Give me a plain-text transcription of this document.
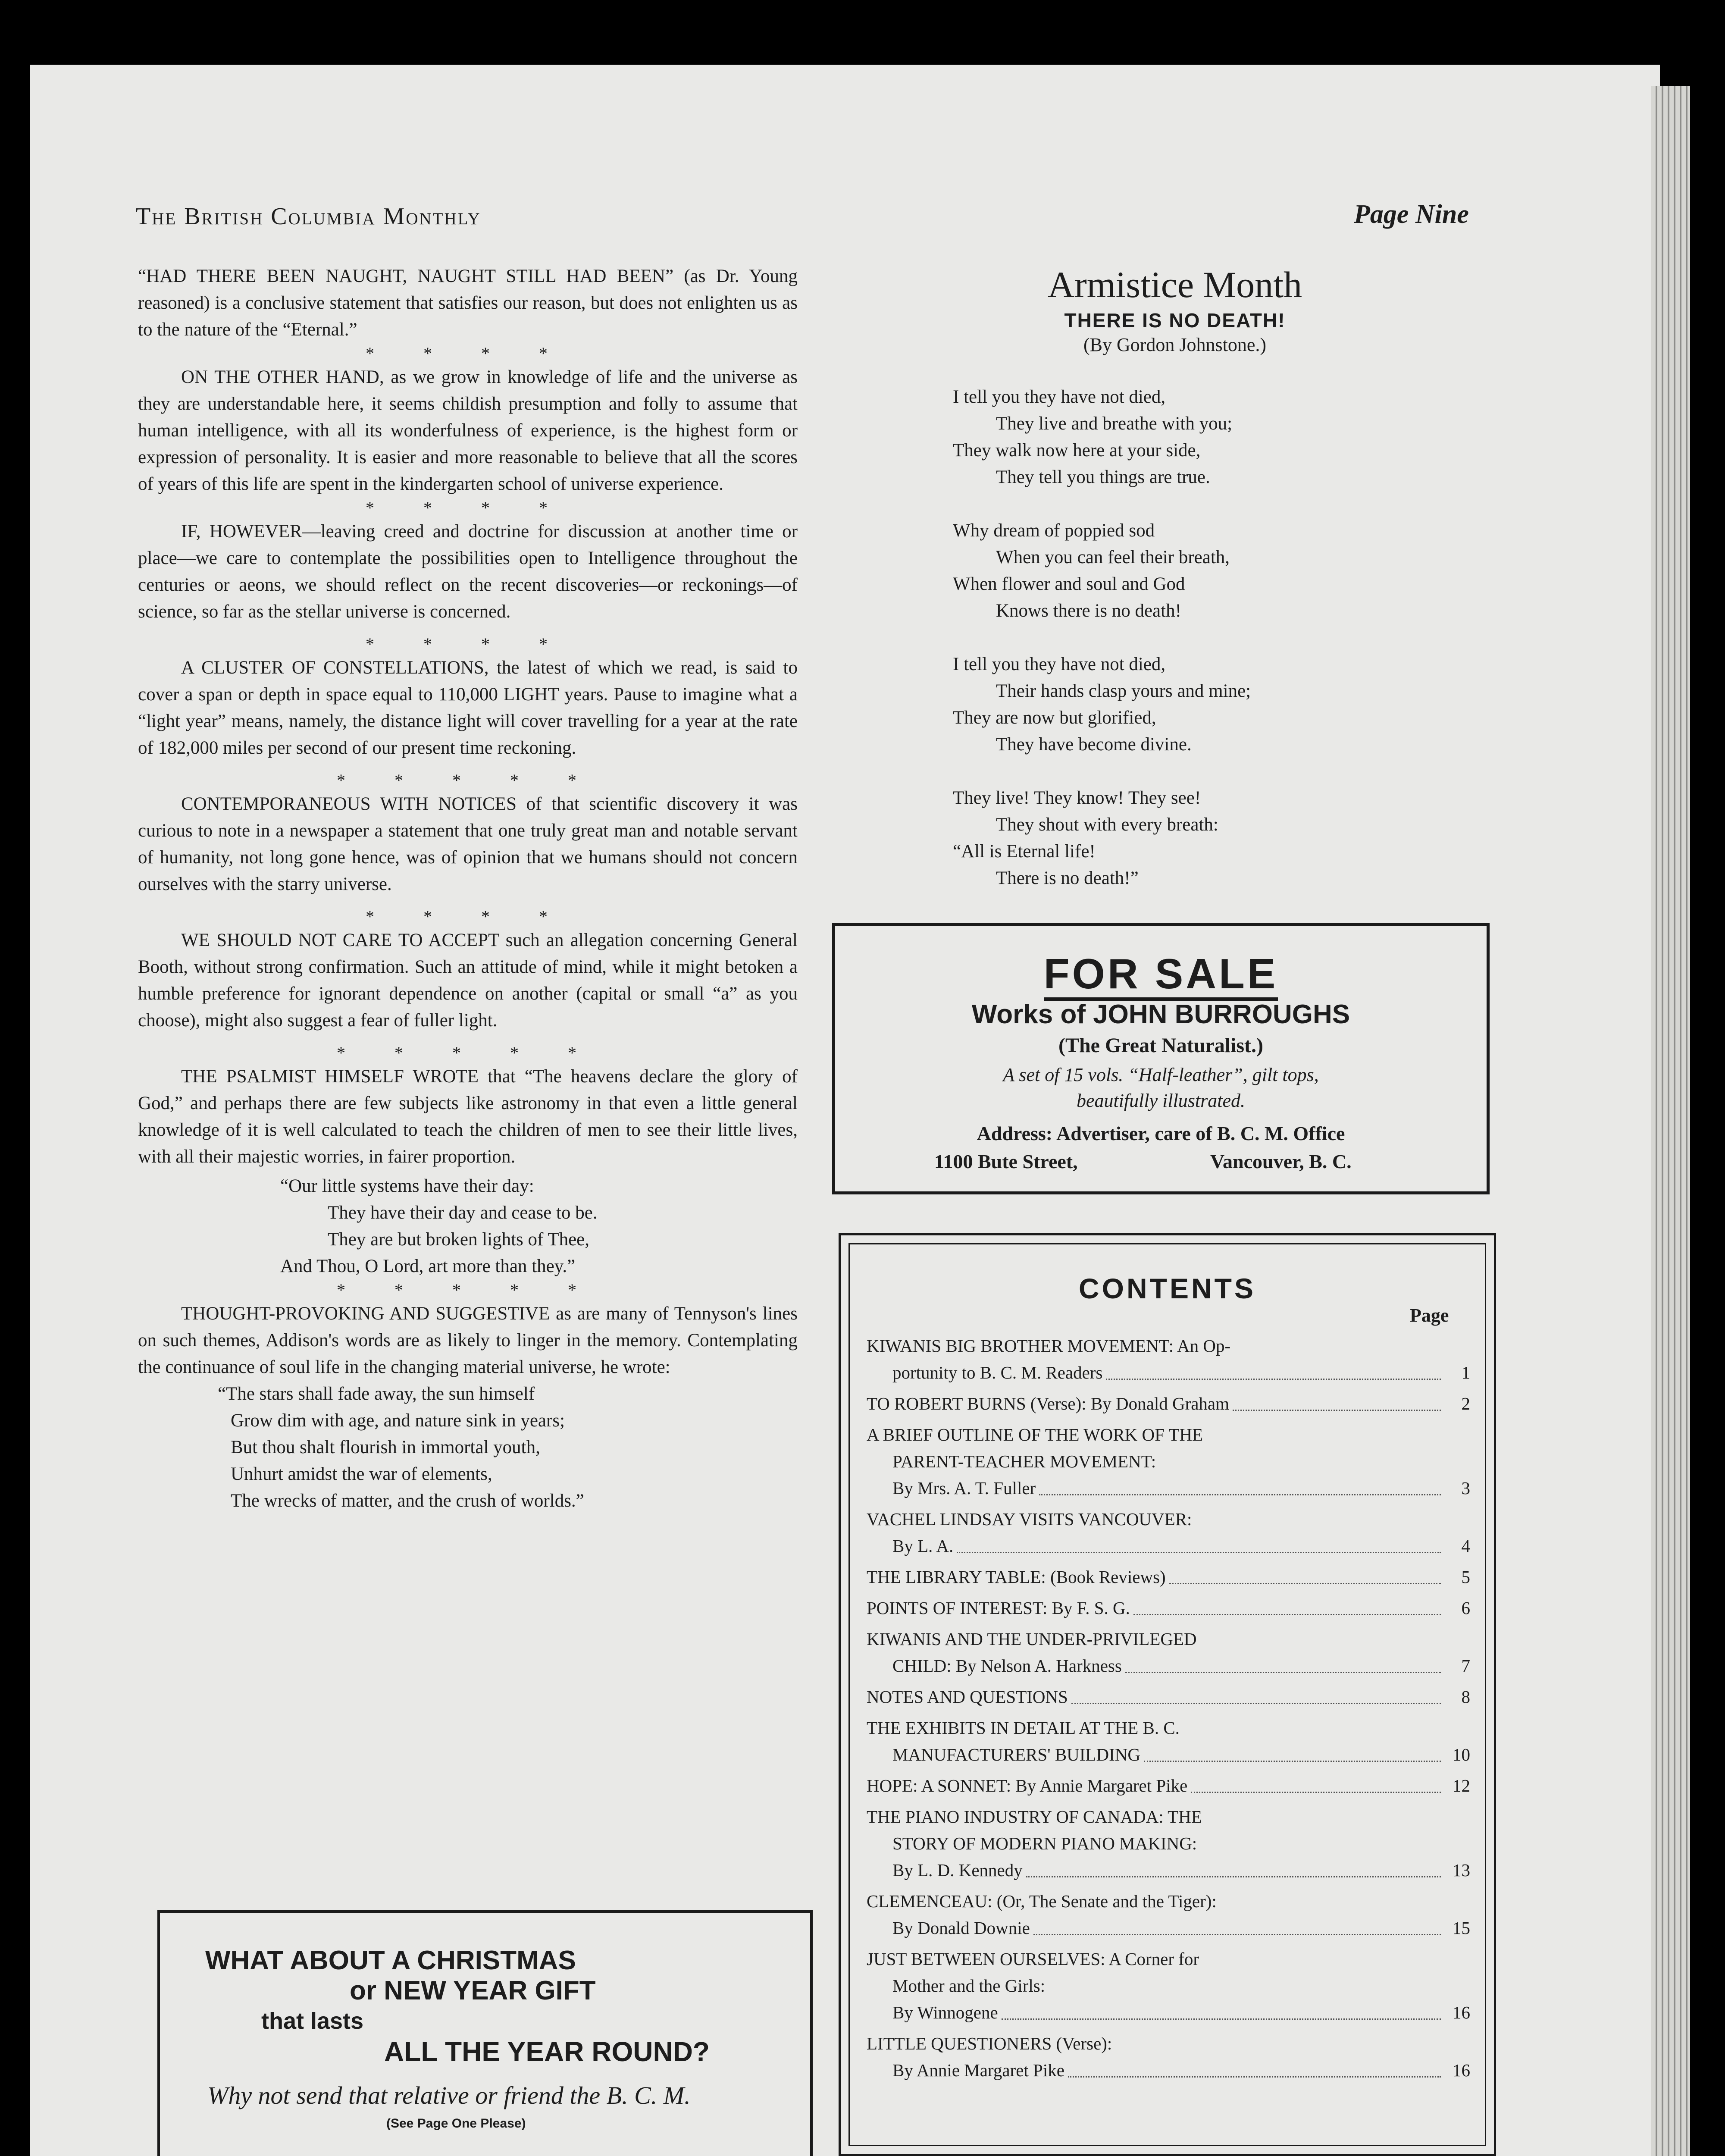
The British Columbia Monthly	Page Nine

“HAD THERE BEEN NAUGHT, NAUGHT STILL HAD BEEN” (as Dr. Young reasoned) is a conclusive statement that satisfies our reason, but does not enlighten us as to the nature of the “Eternal.”

* * * *

ON THE OTHER HAND, as we grow in knowledge of life and the universe as they are understandable here, it seems childish presumption and folly to assume that human intelligence, with all its wonderfulness of experience, is the highest form or expression of personality. It is easier and more reasonable to believe that all the scores of years of this life are spent in the kindergarten school of universe experience.

* * * *

IF, HOWEVER—leaving creed and doctrine for discussion at another time or place—we care to contemplate the possibilities open to Intelligence throughout the centuries or aeons, we should reflect on the recent discoveries—or reckonings—of science, so far as the stellar universe is concerned.

* * * *

A CLUSTER OF CONSTELLATIONS, the latest of which we read, is said to cover a span or depth in space equal to 110,000 LIGHT years. Pause to imagine what a “light year” means, namely, the distance light will cover travelling for a year at the rate of 182,000 miles per second of our present time reckoning.

* * * * *

CONTEMPORANEOUS WITH NOTICES of that scientific discovery it was curious to note in a newspaper a statement that one truly great man and notable servant of humanity, not long gone hence, was of opinion that we humans should not concern ourselves with the starry universe.

* * * *

WE SHOULD NOT CARE TO ACCEPT such an allegation concerning General Booth, without strong confirmation. Such an attitude of mind, while it might betoken a humble preference for ignorant dependence on another (capital or small “a” as you choose), might also suggest a fear of fuller light.

* * * * *

THE PSALMIST HIMSELF WROTE that “The heavens declare the glory of God,” and perhaps there are few subjects like astronomy in that even a little general knowledge of it is well calculated to teach the children of men to see their little lives, with all their majestic worries, in fairer proportion.

“Our little systems have their day:
They have their day and cease to be.
They are but broken lights of Thee,
And Thou, O Lord, art more than they.”
* * * * *

THOUGHT-PROVOKING AND SUGGESTIVE as are many of Tennyson's lines on such themes, Addison's words are as likely to linger in the memory. Contemplating the continuance of soul life in the changing material universe, he wrote:

“The stars shall fade away, the sun himself
Grow dim with age, and nature sink in years;
But thou shalt flourish in immortal youth,
Unhurt amidst the war of elements,
The wrecks of matter, and the crush of worlds.”
WHAT ABOUT A CHRISTMAS
or NEW YEAR GIFT
that lasts
ALL THE YEAR ROUND?
Why not send that relative or friend the B. C. M.
(See Page One Please)
Armistice Month
THERE IS NO DEATH!
(By Gordon Johnstone.)
I tell you they have not died,
They live and breathe with you;
They walk now here at your side,
They tell you things are true.
Why dream of poppied sod
When you can feel their breath,
When flower and soul and God
Knows there is no death!
I tell you they have not died,
Their hands clasp yours and mine;
They are now but glorified,
They have become divine.
They live! They know! They see!
They shout with every breath:
“All is Eternal life!
There is no death!”
FOR SALE
Works of JOHN BURROUGHS
(The Great Naturalist.)
A set of 15 vols. “Half-leather”, gilt tops,
beautifully illustrated.
Address: Advertiser, care of B. C. M. Office
1100 Bute Street,	Vancouver, B. C.
CONTENTS
Page
KIWANIS BIG BROTHER MOVEMENT: An Op-
portunity to B. C. M. Readers	1
TO ROBERT BURNS (Verse): By Donald Graham	2
A BRIEF OUTLINE OF THE WORK OF THE
PARENT-TEACHER MOVEMENT:
By Mrs. A. T. Fuller	3
VACHEL LINDSAY VISITS VANCOUVER:
By L. A.	4
THE LIBRARY TABLE: (Book Reviews)	5
POINTS OF INTEREST: By F. S. G.	6
KIWANIS AND THE UNDER-PRIVILEGED
CHILD: By Nelson A. Harkness	7
NOTES AND QUESTIONS	8
THE EXHIBITS IN DETAIL AT THE B. C.
MANUFACTURERS' BUILDING	10
HOPE: A SONNET: By Annie Margaret Pike	12
THE PIANO INDUSTRY OF CANADA: THE
STORY OF MODERN PIANO MAKING:
By L. D. Kennedy	13
CLEMENCEAU: (Or, The Senate and the Tiger):
By Donald Downie	15
JUST BETWEEN OURSELVES: A Corner for
Mother and the Girls:
By Winnogene	16
LITTLE QUESTIONERS (Verse):
By Annie Margaret Pike	16
